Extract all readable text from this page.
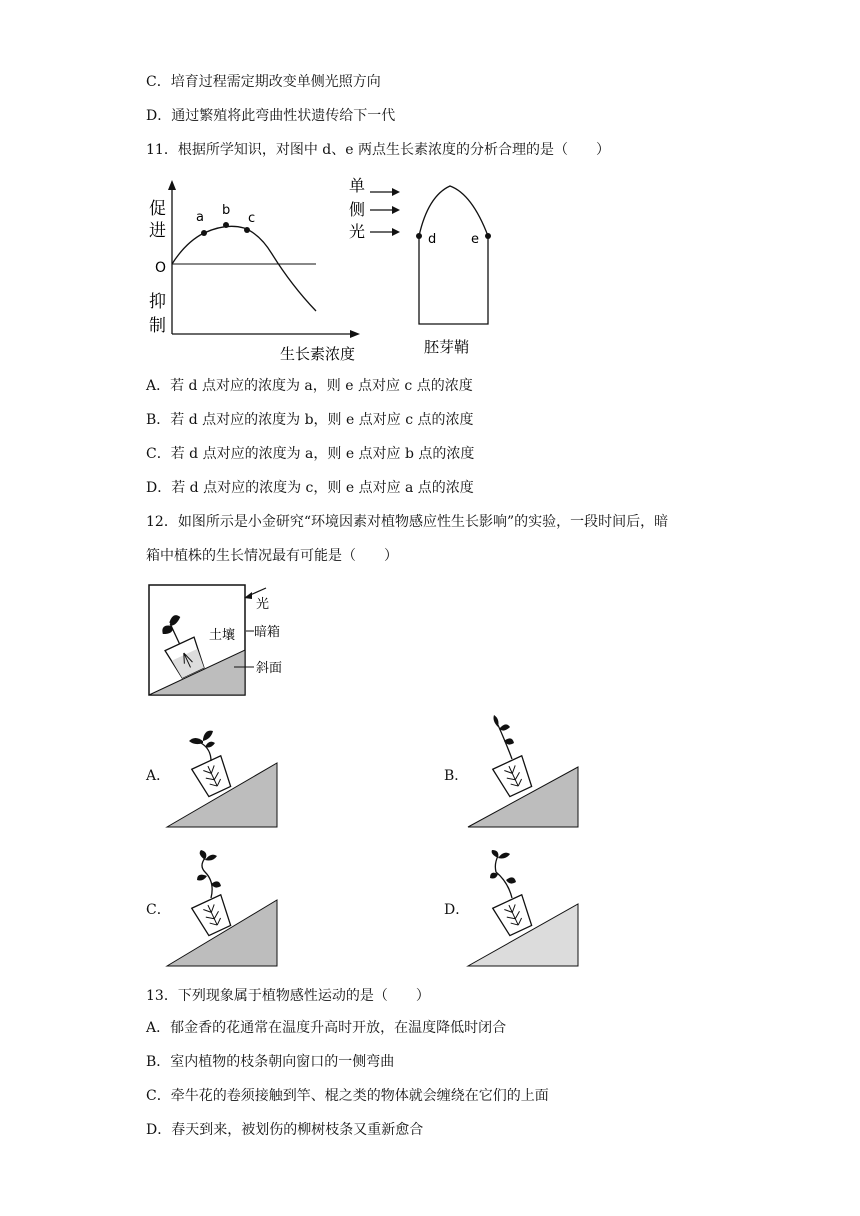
C．培育过程需定期改变单侧光照方向
D．通过繁殖将此弯曲性状遗传给下一代
11．根据所学知识，对图中 d、e 两点生长素浓度的分析合理的是（　　）
促
进
O
抑
制
a b
c
生长素浓度
单
侧
光	d	e
胚芽鞘
A．若 d 点对应的浓度为 a，则 e 点对应 c 点的浓度
B．若 d 点对应的浓度为 b，则 e 点对应 c 点的浓度
C．若 d 点对应的浓度为 a，则 e 点对应 b 点的浓度
D．若 d 点对应的浓度为 c，则 e 点对应 a 点的浓度
12．如图所示是小金研究“环境因素对植物感应性生长影响”的实验，一段时间后，暗
箱中植株的生长情况最有可能是（　　）
光
土壤 暗箱
斜面
A．	B．
C．	D．
13．下列现象属于植物感性运动的是（　　）
A．郁金香的花通常在温度升高时开放，在温度降低时闭合
B．室内植物的枝条朝向窗口的一侧弯曲
C．牵牛花的卷须接触到竿、棍之类的物体就会缠绕在它们的上面
D．春天到来，被划伤的柳树枝条又重新愈合
